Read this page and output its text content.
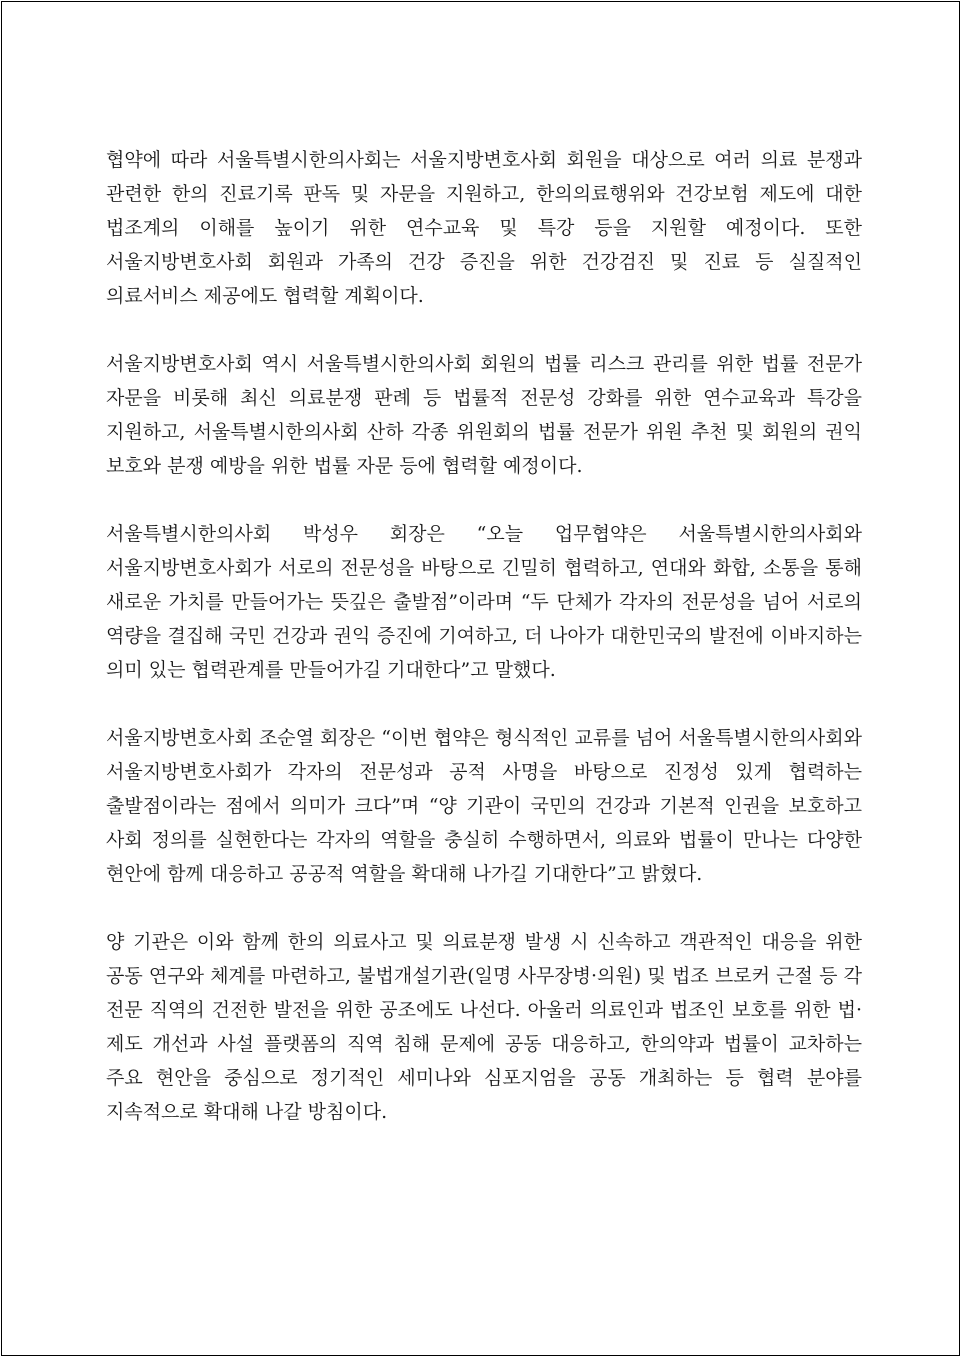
협약에 따라 서울특별시한의사회는 서울지방변호사회 회원을 대상으로 여러 의료 분쟁과 관련한 한의 진료기록 판독 및 자문을 지원하고, 한의의료행위와 건강보험 제도에 대한 법조계의 이해를 높이기 위한 연수교육 및 특강 등을 지원할 예정이다. 또한 서울지방변호사회 회원과 가족의 건강 증진을 위한 건강검진 및 진료 등 실질적인 의료서비스 제공에도 협력할 계획이다.

서울지방변호사회 역시 서울특별시한의사회 회원의 법률 리스크 관리를 위한 법률 전문가 자문을 비롯해 최신 의료분쟁 판례 등 법률적 전문성 강화를 위한 연수교육과 특강을 지원하고, 서울특별시한의사회 산하 각종 위원회의 법률 전문가 위원 추천 및 회원의 권익 보호와 분쟁 예방을 위한 법률 자문 등에 협력할 예정이다.

서울특별시한의사회 박성우 회장은 “오늘 업무협약은 서울특별시한의사회와 서울지방변호사회가 서로의 전문성을 바탕으로 긴밀히 협력하고, 연대와 화합, 소통을 통해 새로운 가치를 만들어가는 뜻깊은 출발점”이라며 “두 단체가 각자의 전문성을 넘어 서로의 역량을 결집해 국민 건강과 권익 증진에 기여하고, 더 나아가 대한민국의 발전에 이바지하는 의미 있는 협력관계를 만들어가길 기대한다”고 말했다.

서울지방변호사회 조순열 회장은 “이번 협약은 형식적인 교류를 넘어 서울특별시한의사회와 서울지방변호사회가 각자의 전문성과 공적 사명을 바탕으로 진정성 있게 협력하는 출발점이라는 점에서 의미가 크다”며 “양 기관이 국민의 건강과 기본적 인권을 보호하고 사회 정의를 실현한다는 각자의 역할을 충실히 수행하면서, 의료와 법률이 만나는 다양한 현안에 함께 대응하고 공공적 역할을 확대해 나가길 기대한다”고 밝혔다.

양 기관은 이와 함께 한의 의료사고 및 의료분쟁 발생 시 신속하고 객관적인 대응을 위한 공동 연구와 체계를 마련하고, 불법개설기관(일명 사무장병·의원) 및 법조 브로커 근절 등 각 전문 직역의 건전한 발전을 위한 공조에도 나선다. 아울러 의료인과 법조인 보호를 위한 법·제도 개선과 사설 플랫폼의 직역 침해 문제에 공동 대응하고, 한의약과 법률이 교차하는 주요 현안을 중심으로 정기적인 세미나와 심포지엄을 공동 개최하는 등 협력 분야를 지속적으로 확대해 나갈 방침이다.
